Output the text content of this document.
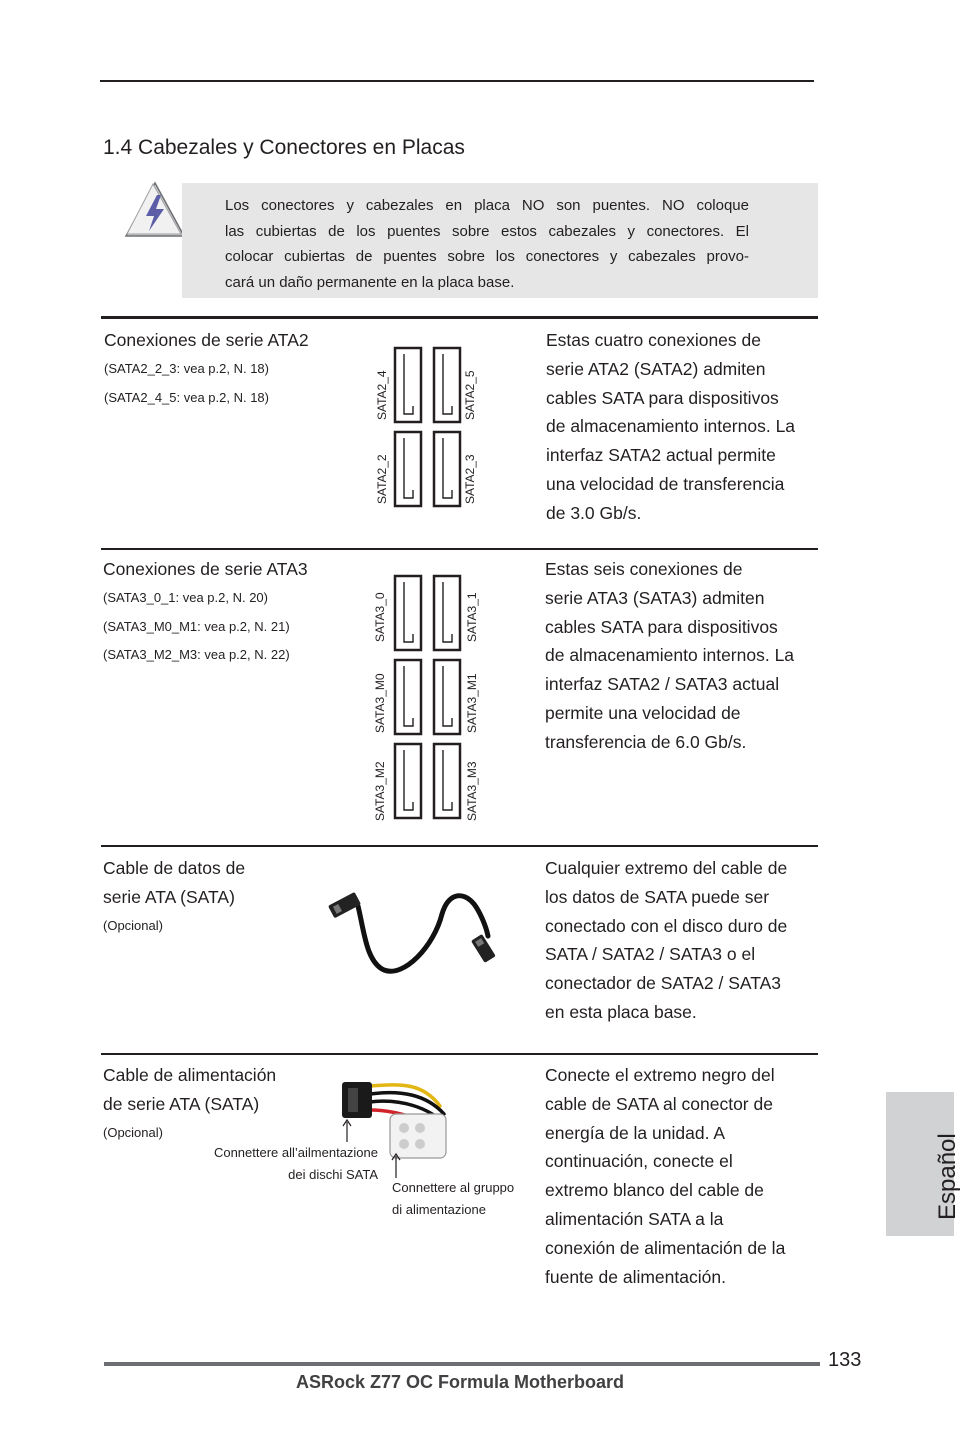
1.4 Cabezales y Conectores en Placas
Los conectores y cabezales en placa NO son puentes. NO coloque
las cubiertas de los puentes sobre estos cabezales y conectores. El
colocar cubiertas de puentes sobre los conectores y cabezales provo-
cará un daño permanente en la placa base.
Conexiones de serie ATA2
(SATA2_2_3: vea p.2, N. 18)
(SATA2_4_5: vea p.2, N. 18)	SATA2_4	SATA2_5
SATA2_2	SATA2_3
Estas cuatro conexiones de
serie ATA2 (SATA2) admiten
cables SATA para dispositivos
de almacenamiento internos. La
interfaz SATA2 actual permite
una velocidad de transferencia
de 3.0 Gb/s.
Conexiones de serie ATA3
(SATA3_0_1: vea p.2, N. 20)
(SATA3_M0_M1: vea p.2, N. 21)
(SATA3_M2_M3: vea p.2, N. 22)
SATA3_0	SATA3_1
SATA3_M0	SATA3_M1
SATA3_M2	SATA3_M3
Estas seis conexiones de
serie ATA3 (SATA3) admiten
cables SATA para dispositivos
de almacenamiento internos. La
interfaz SATA2 / SATA3 actual
permite una velocidad de
transferencia de 6.0 Gb/s.
Cable de datos de
serie ATA (SATA)
(Opcional)
Cualquier extremo del cable de
los datos de SATA puede ser
conectado con el disco duro de
SATA / SATA2 / SATA3 o el
conectador de SATA2 / SATA3
en esta placa base.
Cable de alimentación
de serie ATA (SATA)
(Opcional)
Connettere all’ailmentazione
dei dischi SATA
Connettere al gruppo
di alimentazione
Conecte el extremo negro del
cable de SATA al conector de
energía de la unidad. A
continuación, conecte el
extremo blanco del cable de
alimentación SATA a la
conexión de alimentación de la
fuente de alimentación.
Español
133
ASRock Z77 OC Formula Motherboard
